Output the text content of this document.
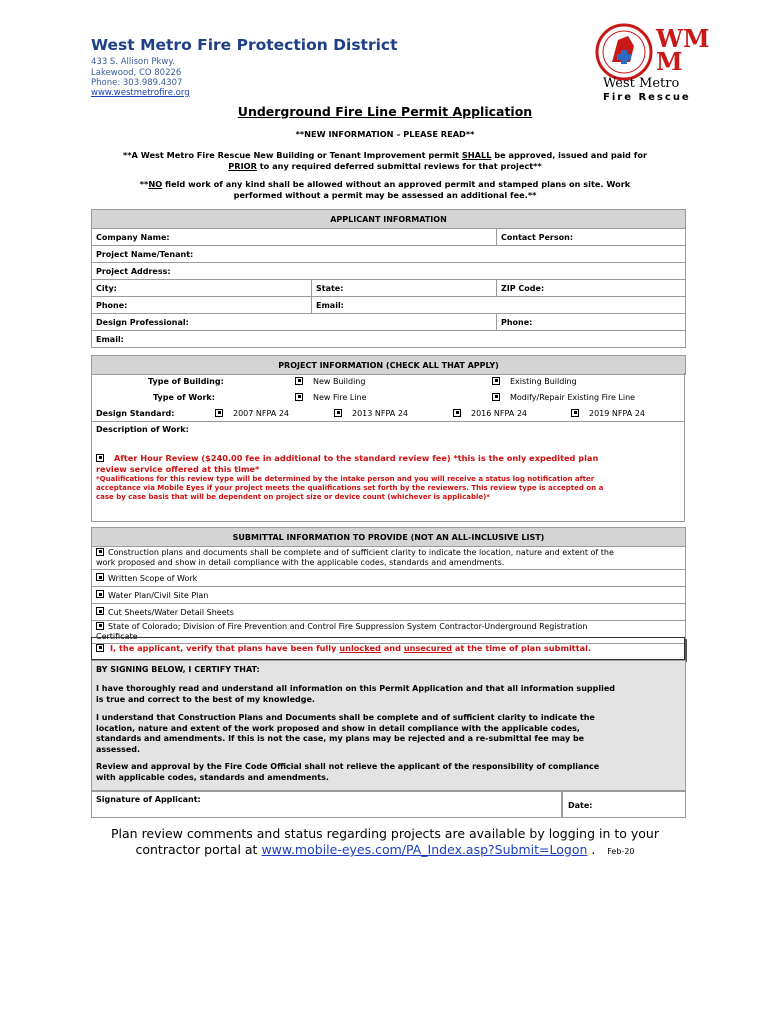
West Metro Fire Protection District
433 S. Allison Pkwy.
Lakewood, CO 80226
Phone: 303.989.4307
www.westmetrofire.org
WM
M
West Metro
Fire Rescue
Underground Fire Line Permit Application
**NEW INFORMATION – PLEASE READ**
**A West Metro Fire Rescue New Building or Tenant Improvement permit SHALL be approved, issued and paid for
PRIOR to any required deferred submittal reviews for that project**
**NO field work of any kind shall be allowed without an approved permit and stamped plans on site. Work
performed without a permit may be assessed an additional fee.**
APPLICANT INFORMATION		
Company Name:		Contact Person:
Project Name/Tenant:		
Project Address:		
City:	State:	ZIP Code:
Phone:	Email:	
Design Professional:		Phone:
Email:		
PROJECT INFORMATION (CHECK ALL THAT APPLY)
Type of Building:	New Building	Existing Building
Type of Work:	New Fire Line	Modify/Repair Existing Fire Line
Design Standard:	2007 NFPA 24	2013 NFPA 24	2016 NFPA 24	2019 NFPA 24
Description of Work:
After Hour Review ($240.00 fee in additional to the standard review fee) *this is the only expedited plan
review service offered at this time*
*Qualifications for this review type will be determined by the intake person and you will receive a status log notification after
acceptance via Mobile Eyes if your project meets the qualifications set forth by the reviewers. This review type is accepted on a
case by case basis that will be dependent on project size or device count (whichever is applicable)*
SUBMITTAL INFORMATION TO PROVIDE (NOT AN ALL-INCLUSIVE LIST)
Construction plans and documents shall be complete and of sufficient clarity to indicate the location, nature and extent of the
work proposed and show in detail compliance with the applicable codes, standards and amendments.
Written Scope of Work
Water Plan/Civil Site Plan
Cut Sheets/Water Detail Sheets
State of Colorado; Division of Fire Prevention and Control Fire Suppression System Contractor-Underground Registration
Certificate
I, the applicant, verify that plans have been fully unlocked and unsecured at the time of plan submittal.
BY SIGNING BELOW, I CERTIFY THAT:
I have thoroughly read and understand all information on this Permit Application and that all information supplied
is true and correct to the best of my knowledge.
I understand that Construction Plans and Documents shall be complete and of sufficient clarity to indicate the
location, nature and extent of the work proposed and show in detail compliance with the applicable codes,
standards and amendments. If this is not the case, my plans may be rejected and a re-submittal fee may be
assessed.
Review and approval by the Fire Code Official shall not relieve the applicant of the responsibility of compliance
with applicable codes, standards and amendments.
Signature of Applicant:
Date:
Plan review comments and status regarding projects are available by logging in to your
contractor portal at www.mobile-eyes.com/PA_Index.asp?Submit=Logon . Feb-20
